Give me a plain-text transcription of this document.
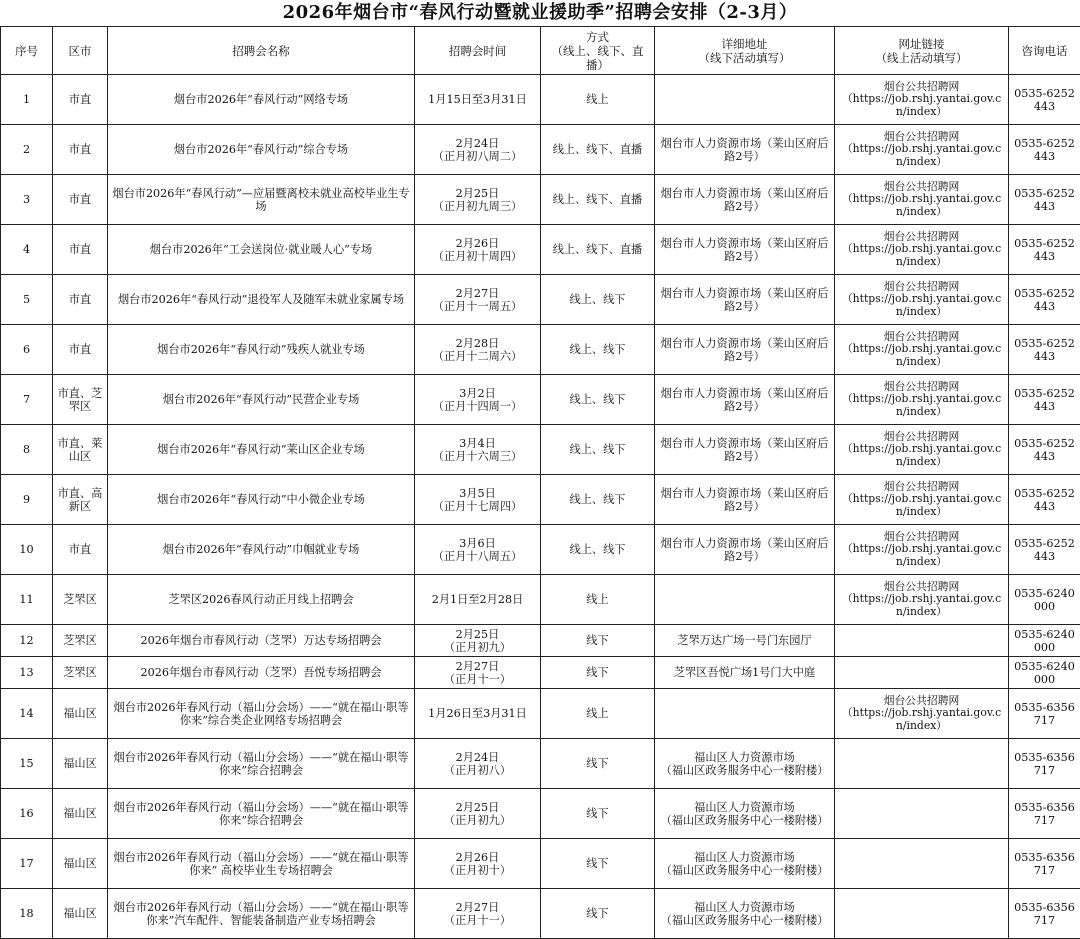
2026年烟台市“春风行动暨就业援助季”招聘会安排（2-3月）
序号	区市	招聘会名称	招聘会时间	方式
（线上、线下、直播）	详细地址
（线下活动填写）	网址链接
（线上活动填写）	咨询电话
1	市直	烟台市2026年“春风行动”网络专场	1月15日至3月31日	线上		烟台公共招聘网
（https://job.rshj.yantai.gov.cn/index）	0535-6252443
2	市直	烟台市2026年“春风行动”综合专场	2月24日
（正月初八周二）	线上、线下、直播	烟台市人力资源市场（莱山区府后路2号）	烟台公共招聘网
（https://job.rshj.yantai.gov.cn/index）	0535-6252443
3	市直	烟台市2026年“春风行动”—应届暨离校未就业高校毕业生专场	2月25日
（正月初九周三）	线上、线下、直播	烟台市人力资源市场（莱山区府后路2号）	烟台公共招聘网
（https://job.rshj.yantai.gov.cn/index）	0535-6252443
4	市直	烟台市2026年“工会送岗位·就业暖人心”专场	2月26日
（正月初十周四）	线上、线下、直播	烟台市人力资源市场（莱山区府后路2号）	烟台公共招聘网
（https://job.rshj.yantai.gov.cn/index）	0535-6252443
5	市直	烟台市2026年“春风行动”退役军人及随军未就业家属专场	2月27日
（正月十一周五）	线上、线下	烟台市人力资源市场（莱山区府后路2号）	烟台公共招聘网
（https://job.rshj.yantai.gov.cn/index）	0535-6252443
6	市直	烟台市2026年“春风行动”残疾人就业专场	2月28日
（正月十二周六）	线上、线下	烟台市人力资源市场（莱山区府后路2号）	烟台公共招聘网
（https://job.rshj.yantai.gov.cn/index）	0535-6252443
7	市直、芝罘区	烟台市2026年“春风行动”民营企业专场	3月2日
（正月十四周一）	线上、线下	烟台市人力资源市场（莱山区府后路2号）	烟台公共招聘网
（https://job.rshj.yantai.gov.cn/index）	0535-6252443
8	市直、莱山区	烟台市2026年“春风行动”莱山区企业专场	3月4日
（正月十六周三）	线上、线下	烟台市人力资源市场（莱山区府后路2号）	烟台公共招聘网
（https://job.rshj.yantai.gov.cn/index）	0535-6252443
9	市直、高新区	烟台市2026年“春风行动”中小微企业专场	3月5日
（正月十七周四）	线上、线下	烟台市人力资源市场（莱山区府后路2号）	烟台公共招聘网
（https://job.rshj.yantai.gov.cn/index）	0535-6252443
10	市直	烟台市2026年“春风行动”巾帼就业专场	3月6日
（正月十八周五）	线上、线下	烟台市人力资源市场（莱山区府后路2号）	烟台公共招聘网
（https://job.rshj.yantai.gov.cn/index）	0535-6252443
11	芝罘区	芝罘区2026春风行动正月线上招聘会	2月1日至2月28日	线上		烟台公共招聘网
（https://job.rshj.yantai.gov.cn/index）	0535-6240000
12	芝罘区	2026年烟台市春风行动（芝罘）万达专场招聘会	2月25日
（正月初九）	线下	芝罘万达广场一号门东园厅		0535-6240000
13	芝罘区	2026年烟台市春风行动（芝罘）吾悦专场招聘会	2月27日
（正月十一）	线下	芝罘区吾悦广场1号门大中庭		0535-6240000
14	福山区	烟台市2026年春风行动（福山分会场）——“就在福山·职等你来”综合类企业网络专场招聘会	1月26日至3月31日	线上		烟台公共招聘网
（https://job.rshj.yantai.gov.cn/index）	0535-6356717
15	福山区	烟台市2026年春风行动（福山分会场）——“就在福山·职等你来”综合招聘会	2月24日
（正月初八）	线下	福山区人力资源市场
（福山区政务服务中心一楼附楼）		0535-6356717
16	福山区	烟台市2026年春风行动（福山分会场）——“就在福山·职等你来”综合招聘会	2月25日
（正月初九）	线下	福山区人力资源市场
（福山区政务服务中心一楼附楼）		0535-6356717
17	福山区	烟台市2026年春风行动（福山分会场）——“就在福山·职等你来” 高校毕业生专场招聘会	2月26日
（正月初十）	线下	福山区人力资源市场
（福山区政务服务中心一楼附楼）		0535-6356717
18	福山区	烟台市2026年春风行动（福山分会场）——“就在福山·职等你来”汽车配件、智能装备制造产业专场招聘会	2月27日
（正月十一）	线下	福山区人力资源市场
（福山区政务服务中心一楼附楼）		0535-6356717
